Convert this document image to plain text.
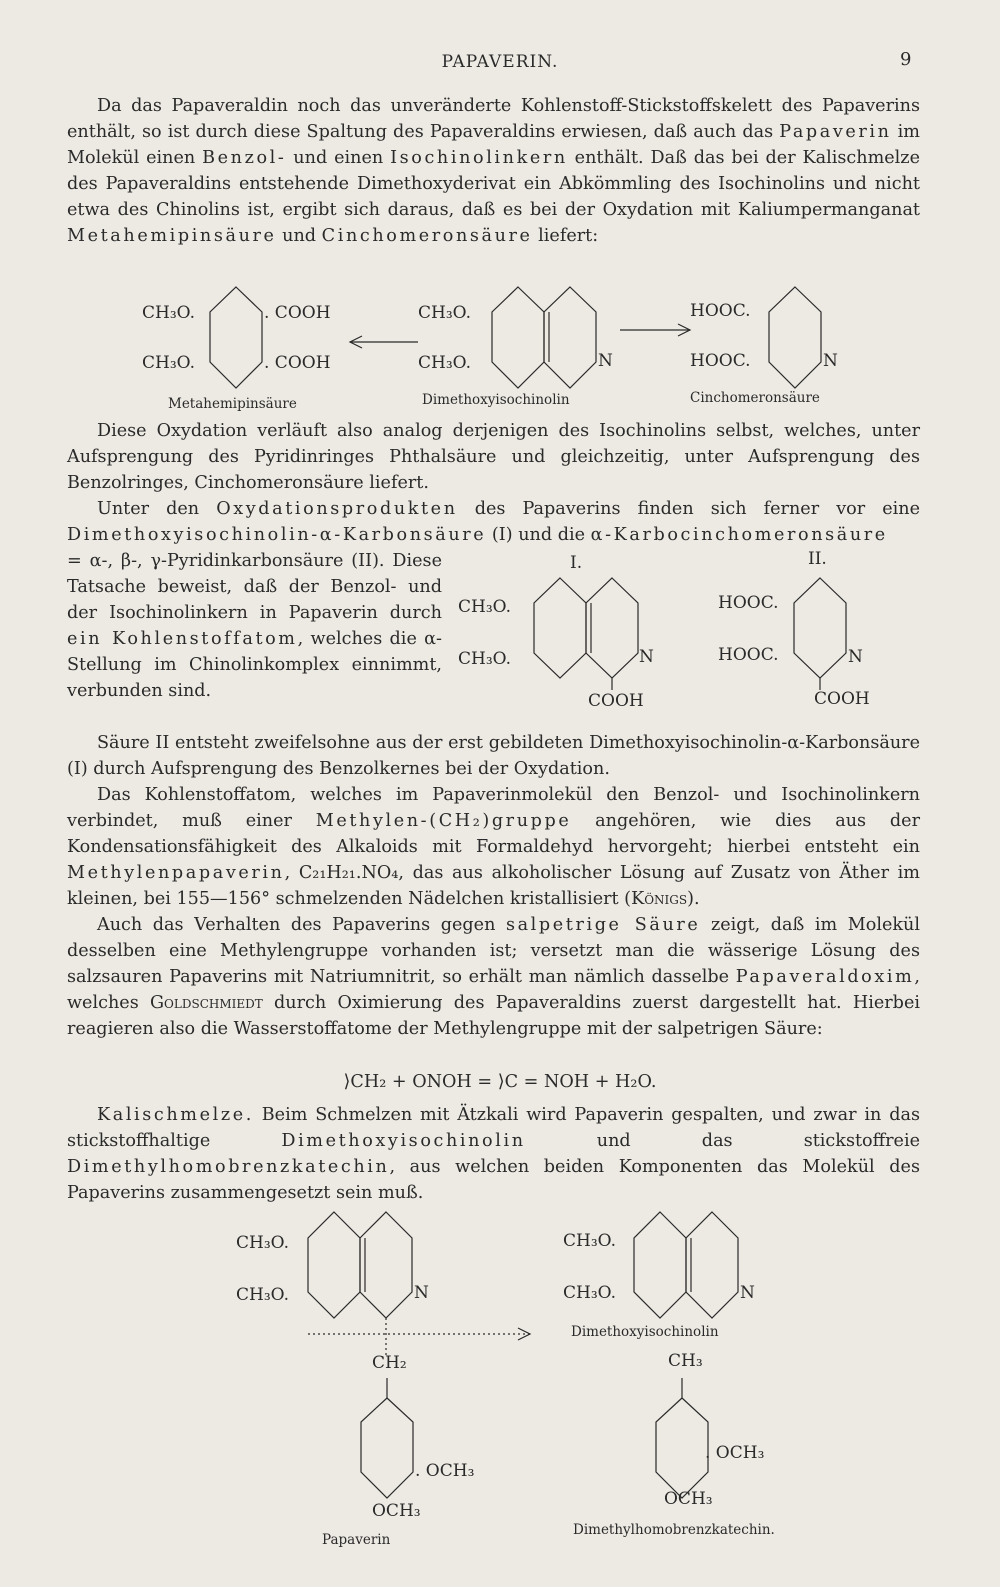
PAPAVERIN.	9

Da das Papaveraldin noch das unveränderte Kohlenstoff-Stickstoffskelett des Papaverins enthält, so ist durch diese Spaltung des Papaveraldins erwiesen, daß auch das Papaverin im Molekül einen Benzol- und einen Isochinolinkern enthält. Daß das bei der Kalischmelze des Papaveraldins entstehende Dimethoxyderivat ein Abkömmling des Isochinolins und nicht etwa des Chinolins ist, ergibt sich daraus, daß es bei der Oxydation mit Kaliumpermanganat Metahemipinsäure und Cinchomeronsäure liefert:

CH₃O.
CH₃O.
. COOH
. COOH
CH₃O.
CH₃O.	N
HOOC.
HOOC.	N
Metahemipinsäure	Dimethoxyisochinolin	Cinchomeronsäure

Diese Oxydation verläuft also analog derjenigen des Isochinolins selbst, welches, unter Aufsprengung des Pyridinringes Phthalsäure und gleichzeitig, unter Aufsprengung des Benzolringes, Cinchomeronsäure liefert.

Unter den Oxydationsprodukten des Papaverins finden sich ferner vor eine Dimethoxyisochinolin-α-Karbonsäure (I) und die α-Karbocinchomeronsäure

= α-, β-, γ-Pyridinkarbonsäure (II). Diese Tatsache beweist, daß der Benzol- und der Isochinolinkern in Papaverin durch ein Kohlenstoffatom, welches die α-Stellung im Chinolinkomplex einnimmt, verbunden sind.

I.	II.
CH₃O.
CH₃O.	N
COOH
HOOC.
HOOC.	N
COOH

Säure II entsteht zweifelsohne aus der erst gebildeten Dimethoxyisochinolin-α-Karbonsäure (I) durch Aufsprengung des Benzolkernes bei der Oxydation.

Das Kohlenstoffatom, welches im Papaverinmolekül den Benzol- und Isochinolinkern verbindet, muß einer Methylen-(CH₂)gruppe angehören, wie dies aus der Kondensationsfähigkeit des Alkaloids mit Formaldehyd hervorgeht; hierbei entsteht ein Methylenpapaverin, C₂₁H₂₁.NO₄, das aus alkoholischer Lösung auf Zusatz von Äther im kleinen, bei 155—156° schmelzenden Nädelchen kristallisiert (Königs).

Auch das Verhalten des Papaverins gegen salpetrige Säure zeigt, daß im Molekül desselben eine Methylengruppe vorhanden ist; versetzt man die wässerige Lösung des salzsauren Papaverins mit Natriumnitrit, so erhält man nämlich dasselbe Papaveraldoxim, welches Goldschmiedt durch Oximierung des Papaveraldins zuerst dargestellt hat. Hierbei reagieren also die Wasserstoffatome der Methylengruppe mit der salpetrigen Säure:

⟩CH₂ + ONOH = ⟩C = NOH + H₂O.

Kalischmelze. Beim Schmelzen mit Ätzkali wird Papaverin gespalten, und zwar in das stickstoffhaltige Dimethoxyisochinolin und das stickstoffreie Dimethylhomobrenzkatechin, aus welchen beiden Komponenten das Molekül des Papaverins zusammengesetzt sein muß.

CH₃O.
CH₃O.	N
CH₃O.
CH₃O.	N
Dimethoxyisochinolin
CH₂	CH₃
. OCH₃
. OCH₃
OCH₃
OCH₃
Papaverin
Dimethylhomobrenzkatechin.
